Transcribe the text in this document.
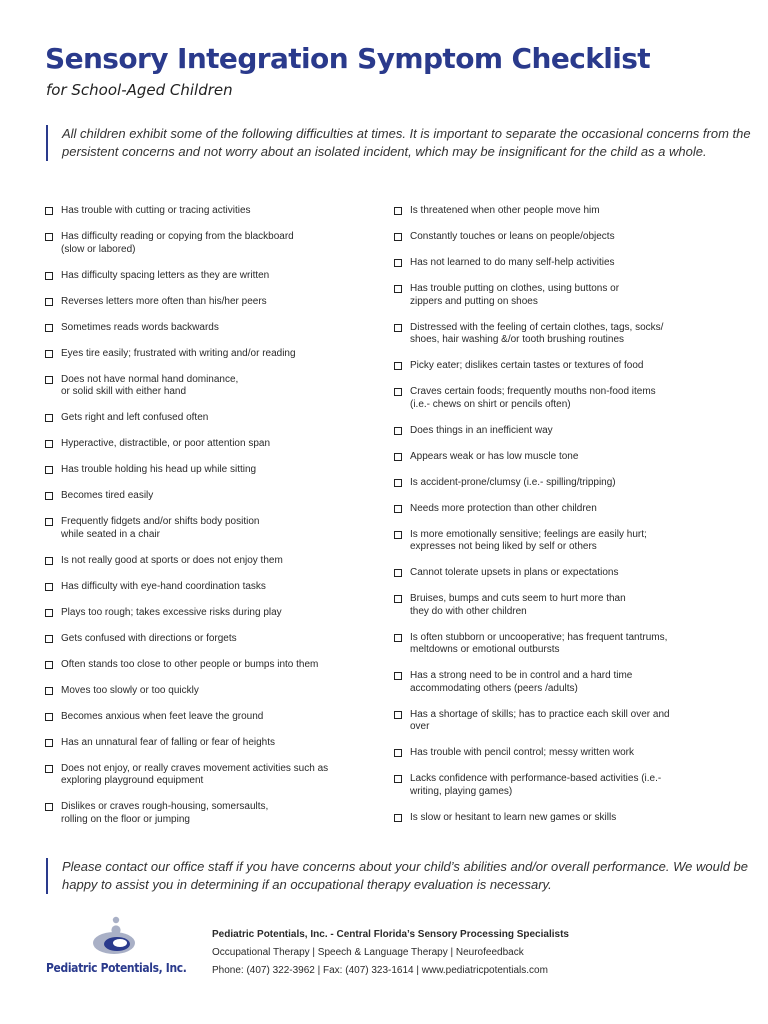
Sensory Integration Symptom Checklist
for School-Aged Children
All children exhibit some of the following difficulties at times. It is important to separate the occasional concerns from the persistent concerns and not worry about an isolated incident, which may be insignificant for the child as a whole.
Has trouble with cutting or tracing activities
Has difficulty reading or copying from the blackboard
(slow or labored)
Has difficulty spacing letters as they are written
Reverses letters more often than his/her peers
Sometimes reads words backwards
Eyes tire easily; frustrated with writing and/or reading
Does not have normal hand dominance,
or solid skill with either hand
Gets right and left confused often
Hyperactive, distractible, or poor attention span
Has trouble holding his head up while sitting
Becomes tired easily
Frequently fidgets and/or shifts body position
while seated in a chair
Is not really good at sports or does not enjoy them
Has difficulty with eye-hand coordination tasks
Plays too rough; takes excessive risks during play
Gets confused with directions or forgets
Often stands too close to other people or bumps into them
Moves too slowly or too quickly
Becomes anxious when feet leave the ground
Has an unnatural fear of falling or fear of heights
Does not enjoy, or really craves movement activities such as
exploring playground equipment
Dislikes or craves rough-housing, somersaults,
rolling on the floor or jumping
Is threatened when other people move him
Constantly touches or leans on people/objects
Has not learned to do many self-help activities
Has trouble putting on clothes, using buttons or
zippers and putting on shoes
Distressed with the feeling of certain clothes, tags, socks/
shoes, hair washing &/or tooth brushing routines
Picky eater; dislikes certain tastes or textures of food
Craves certain foods; frequently mouths non-food items
(i.e.- chews on shirt or pencils often)
Does things in an inefficient way
Appears weak or has low muscle tone
Is accident-prone/clumsy (i.e.- spilling/tripping)
Needs more protection than other children
Is more emotionally sensitive; feelings are easily hurt;
expresses not being liked by self or others
Cannot tolerate upsets in plans or expectations
Bruises, bumps and cuts seem to hurt more than
they do with other children
Is often stubborn or uncooperative; has frequent tantrums,
meltdowns or emotional outbursts
Has a strong need to be in control and a hard time
accommodating others (peers /adults)
Has a shortage of skills; has to practice each skill over and
over
Has trouble with pencil control; messy written work
Lacks confidence with performance-based activities (i.e.-
writing, playing games)
Is slow or hesitant to learn new games or skills
Please contact our office staff if you have concerns about your child’s abilities and/or overall performance. We would be happy to assist you in determining if an occupational therapy evaluation is necessary.
Pediatric Potentials, Inc.
Pediatric Potentials, Inc. - Central Florida’s Sensory Processing Specialists
Occupational Therapy | Speech & Language Therapy | Neurofeedback
Phone: (407) 322-3962 | Fax: (407) 323-1614 | www.pediatricpotentials.com
